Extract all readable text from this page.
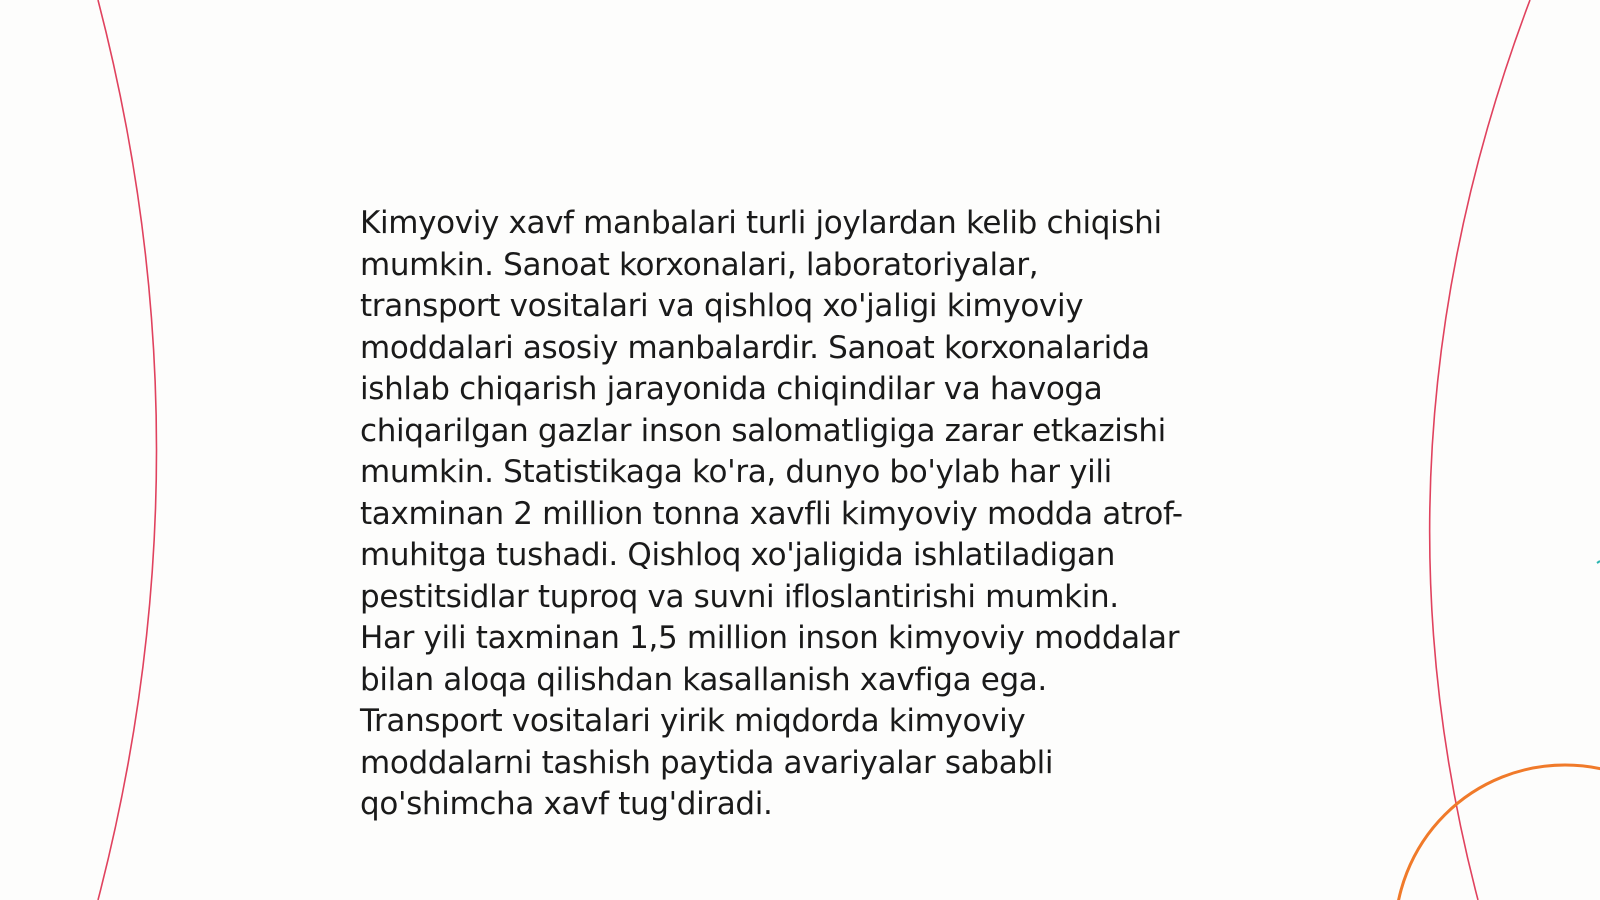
Kimyoviy xavf manbalari turli joylardan kelib chiqishi
mumkin. Sanoat korxonalari, laboratoriyalar,
transport vositalari va qishloq xo'jaligi kimyoviy
moddalari asosiy manbalardir. Sanoat korxonalarida
ishlab chiqarish jarayonida chiqindilar va havoga
chiqarilgan gazlar inson salomatligiga zarar etkazishi
mumkin. Statistikaga ko'ra, dunyo bo'ylab har yili
taxminan 2 million tonna xavfli kimyoviy modda atrof-
muhitga tushadi. Qishloq xo'jaligida ishlatiladigan
pestitsidlar tuproq va suvni ifloslantirishi mumkin.
Har yili taxminan 1,5 million inson kimyoviy moddalar
bilan aloqa qilishdan kasallanish xavfiga ega.
Transport vositalari yirik miqdorda kimyoviy
moddalarni tashish paytida avariyalar sababli
qo'shimcha xavf tug'diradi.
